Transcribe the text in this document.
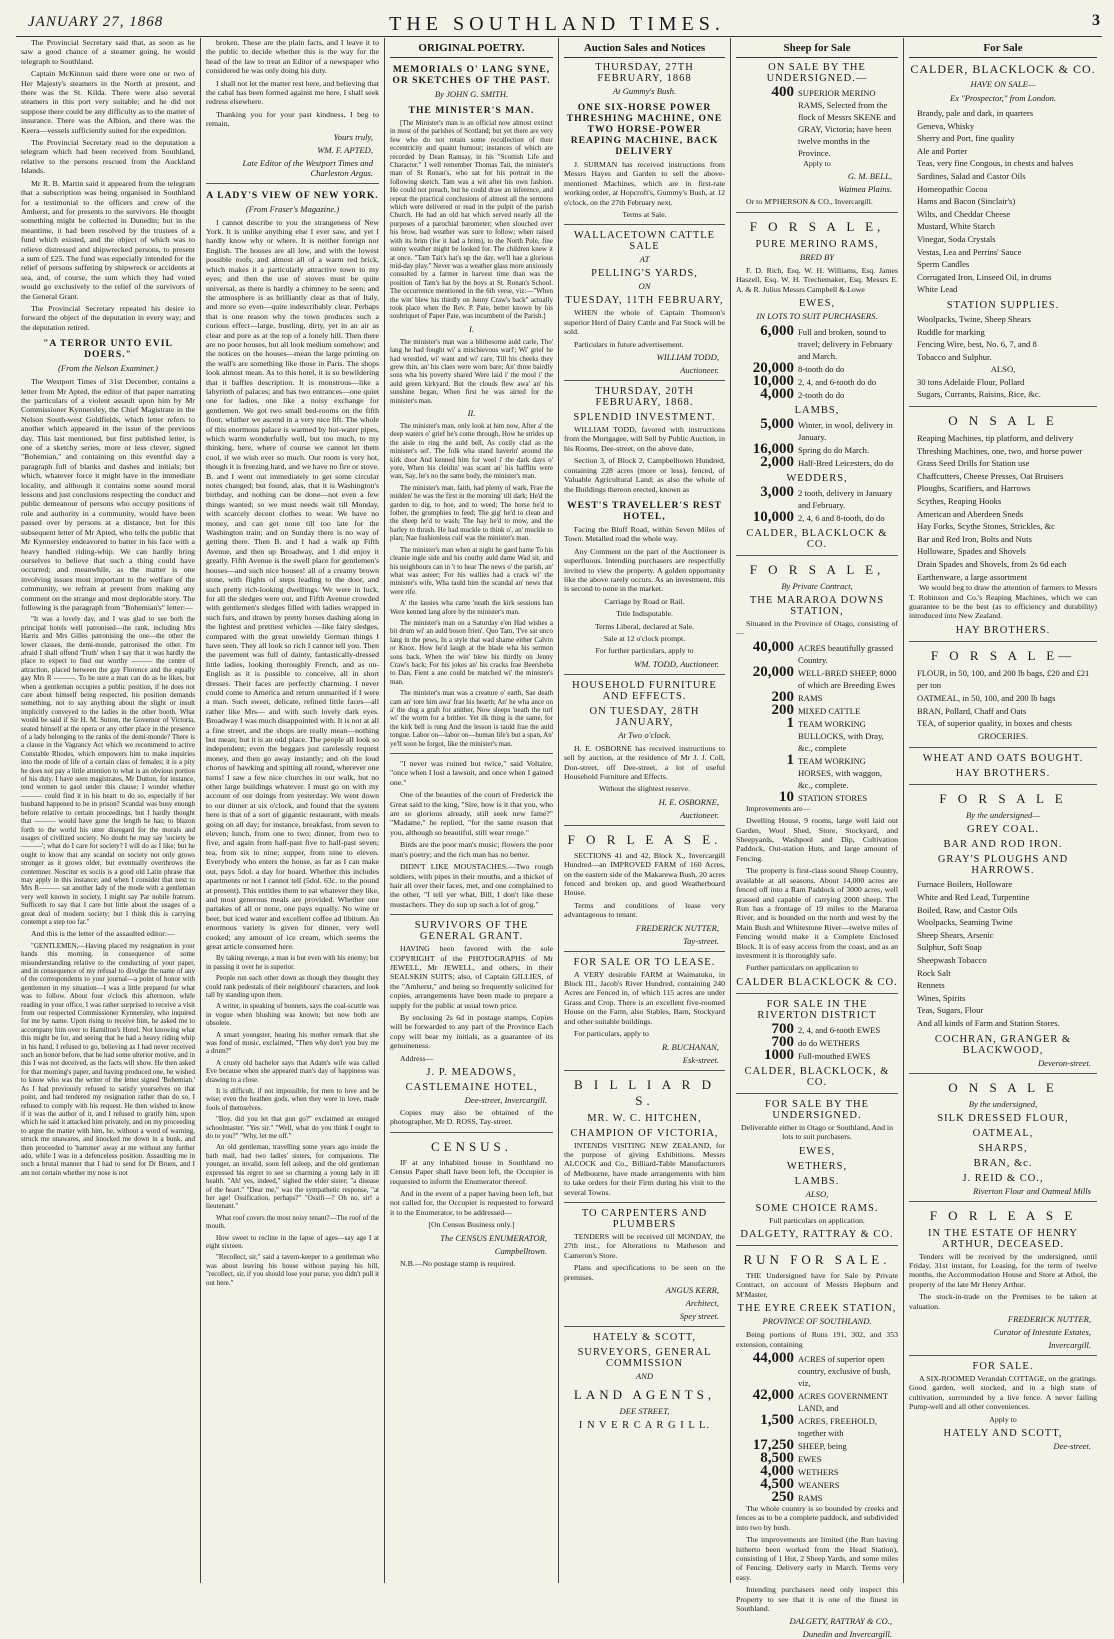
JANUARY 27, 1868	THE SOUTHLAND TIMES.	3

The Provincial Secretary said that, as soon as he saw a good chance of a steamer going, he would telegraph to Southland.

Captain McKinnon said there were one or two of Her Majesty's steamers in the North at present, and there was the St. Kilda. There were also several steamers in this port very suitable; and he did not suppose there could be any difficulty as to the matter of insurance. There was the Albion, and there was the Keera—vessels sufficiently suited for the expedition.

The Provincial Secretary read to the deputation a telegram which had been received from Southland, relative to the persons rescued from the Auckland Islands.

Mr R. B. Martin said it appeared from the telegram that a subscription was being organised in Southland for a testimonial to the officers and crew of the Amherst, and for presents to the survivors. He thought something might be collected in Dunedin; but in the meantime, it had been resolved by the trustees of a fund which existed, and the object of which was to relieve distressed and shipwrecked persons, to present a sum of £25. The fund was especially intended for the relief of persons suffering by shipwreck or accidents at sea, and, of course, the sum which they had voted would go exclusively to the relief of the survivors of the General Grant.

The Provincial Secretary repeated his desire to forward the object of the deputation in every way; and the deputation retired.

"A TERROR UNTO EVIL DOERS."
(From the Nelson Examiner.)

The Westport Times of 31st December, contains a letter from Mr Apted, the editor of that paper narrating the particulars of a violent assault upon him by Mr Commissioner Kynnersley, the Chief Magistrate in the Nelson South-west Goldfields, which letter refers to another which appeared in the issue of the previous day. This last mentioned, but first published letter, is one of a sketchy series, more or less clever, signed "Bohemian," and containing on this eventful day a paragraph full of blanks and dashes and initials; but which, whatever force it might have in the immediate locality, and although it contains some sound moral lessons and just conclusions respecting the conduct and public demeanour of persons who occupy positions of rule and authority in a community, would have been passed over by persons at a distance, but for this subsequent letter of Mr Apted, who tells the public that Mr Kynnersley endeavored to batter in his face with a heavy handled riding-whip. We can hardly bring ourselves to believe that such a thing could have occurred; and meanwhile, as the matter is one involving issues most important to the welfare of the community, we refrain at present from making any comment on the strange and most deplorable story. The following is the paragraph from "Bohemian's" letter:—

"It was a lovely day, and I was glad to see both the principal hotels well patronised—the rank, including Mrs Harris and Mrs Gilles patronising the one—the other the lower classes, the demi-monde, patronised the other. I'm afraid I shall offend 'Truth' when I say that it was hardly the place to expect to find our worthy ——— the centre of attraction, placed between the gay Florence and the equally gay Mrs R ———. To be sure a man can do as he likes, but when a gentleman occupies a public position, if he does not care about himself being respected, his position demands something, not to say anything about the slight or insult implicitly conveyed to the ladies in the other booth. What would be said if Sir H. M. Sutton, the Governor of Victoria, seated himself at the opera or any other place in the presence of a lady belonging to the ranks of the demi-monde? There is a clause in the Vagrancy Act which we recommend to active Constable Rhodes, which empowers him to make inquiries into the mode of life of a certain class of females; it is a pity he does not pay a little attention to what is an obvious portion of his duty. I have seen magistrates, Mr Dutton, for instance, tend women to gaol under this clause; I wonder whether ——— could find it in his heart to do so, especially if her husband happened to be in prison? Scandal was busy enough before relative to certain proceedings, but I hardly thought that ——— would have gone the length he has; to blazon forth to the world his utter disregard for the morals and usages of civilized society. No doubt he may say 'society be ———'; what do I care for society? I will do as I like; but he ought to know that any scandal on society not only grows stronger as it grows older, but eventually overthrows the contemner. Noscitur ex sociis is a good old Latin phrase that may apply in this instance; and when I consider that next to Mrs R——— sat another lady of the mode with a gentleman very well known in society, I might say Par nobile fratrum. Sufficeth to say that I care but little about the usages of a great deal of modern society; but I think this is carrying contempt a step too far."

And this is the letter of the assaulted editor:—

"GENTLEMEN,—Having placed my resignation in your hands this morning, in consequence of some misunderstanding relative to the conducting of your paper, and in consequence of my refusal to divulge the name of any of the correspondents to your journal—a point of honor with gentlemen in my situation—I was a little prepared for what was to follow. About four o'clock this afternoon, while reading in your office, I was rather surprised to receive a visit from our respected Commissioner Kynnersley, who inquired for me by name. Upon rising to receive him, he asked me to accompany him over to Hamilton's Hotel. Not knowing what this might be for, and seeing that he had a heavy riding whip in his hand, I refused to go, believing as I had never received such an honor before, that he had some ulterior motive, and in this I was not deceived, as the facts will show. He then asked for that morning's paper, and having produced one, he wished to know who was the writer of the letter signed 'Bohemian.' As I had previously refused to satisfy yourselves on that point, and had tendered my resignation rather than do so, I refused to comply with his request. He then wished to know if it was the author of it, and I refused to gratify him, upon which he said it attacked him privately, and on my proceeding to argue the matter with him, he, without a word of warning, struck me unawares, and knocked me down in a bunk, and then proceeded to 'hammer' away at me without any further ado, while I was in a defenceless position. Assaulting me in such a brutal manner that I had to send for Dr Bruen, and I am not certain whether my nose is not

broken. These are the plain facts, and I leave it to the public to decide whether this is the way for the head of the law to treat an Editor of a newspaper who considered he was only doing his duty.

I shall not let the matter rest here, and believing that the cabal has been formed against me here, I shall seek redress elsewhere.

Thanking you for your past kindness, I beg to remain,

Yours truly,
WM. F. APTED,
Late Editor of the Westport Times and Charleston Argus.
A LADY'S VIEW OF NEW YORK.
(From Fraser's Magazine.)

I cannot describe to you the strangeness of New York. It is unlike anything else I ever saw, and yet I hardly know why or where. It is neither foreign nor English. The houses are all low, and with the lowest possible roofs, and almost all of a warm red brick, which makes it a particularly attractive town to my eyes; and then the use of stoves must be quite universal, as there is hardly a chimney to be seen; and the atmosphere is as brilliantly clear as that of Italy, and more so even—quite indescribably clear. Perhaps that is one reason why the town produces such a curious effect—large, bustling, dirty, yet in an air as clear and pure as at the top of a lonely hill. Then there are no poor houses, but all look medium somehow; and the notices on the houses—mean the large printing on the wall's are something like those in Paris. The shops look almost mean. As to this hotel, it is so bewildering that it baffles description. It is monstrous—like a labyrinth of palaces; and has two entrances—one quiet one for ladies, one like a noisy exchange for gentlemen. We got two small bed-rooms on the fifth floor, whither we ascend in a very nice lift. The whole of this enormous palace is warmed by hot-water pipes, which warm wonderfully well, but too much, to my thinking, here, where of course we cannot let them cool, if we wish ever so much. Our room is very hot, though it is freezing hard, and we have no fire or stove. B. and I went out immediately to get some circular notes changed; but found, alas, that it is Washington's birthday, and nothing can be done—not even a few things wanted; so we must needs wait till Monday, with scarcely decent clothes to wear. We have no money, and can get none till too late for the Washington train; and on Sunday there is no way of getting there. Then B. and I had a walk up Fifth Avenue, and then up Broadway, and I did enjoy it greatly. Fifth Avenue is the swell place for gentlemen's houses—and such nice houses! all of a creamy brown stone, with flights of steps leading to the door, and such pretty rich-looking dwellings. We were in luck, for all the sledges were out, and Fifth Avenue crowded with gentlemen's sledges filled with ladies wrapped in such furs, and drawn by pretty horses dashing along in the lightest and prettiest vehicles —like fairy sledges, compared with the great unwieldy German things I have seen. They all look so rich I cannot tell you. Then the pavement was full of dainty, fantastically-dressed little ladies, looking thoroughly French, and as un-English as it is possible to conceive, all in short dresses. Their faces are perfectly charming. I never could come to America and return unmarried if I were a man. Such sweet, delicate, refined little faces—all rather like Mrs— and with such lovely dark eyes. Broadway I was much disappointed with. It is not at all a fine street, and the shops are really mean—nothing but mean; but it is an odd place. The people all look so independent; even the beggars just carelessly request money, and then go away instantly; and oh the loud chorus of hawking and spitting all round, wherever one turns! I saw a few nice churches in our walk, but no other large buildings whatever. I must go on with my account of our doings from yesterday. We went down to our dinner at six o'clock, and found that the system here is that of a sort of gigantic restaurant, with meals going on all day; for instance, breakfast, from seven to eleven; lunch, from one to two; dinner, from two to five, and again from half-past five to half-past seven; tea, from six to nine; supper, from nine to eleven. Everybody who enters the house, as far as I can make out, pays 5dol. a day for board. Whether this includes apartments or not I cannot tell (5dol. 63c. to the pound at present). This entitles them to eat whatever they like, and most generous meals are provided. Whether one partakes of all or none, one pays equally. No wine or beer, but iced water and excellent coffee ad libitum. An enormous variety is given for dinner, very well cooked; any amount of ice cream, which seems the great article consumed here.

By taking revenge, a man is but even with his enemy; but in passing it over he is superior.

People run each other down as though they thought they could rank pedestals of their neighbours' characters, and look tall by standing upon them.

A writer, in speaking of bonnets, says the coal-scuttle was in vogue when blushing was known; but now both are obsolete.

A smart youngster, hearing his mother remark that she was fond of music, exclaimed, "Then why don't you buy me a drum?"

A crusty old bachelor says that Adam's wife was called Eve because when she appeared man's day of happiness was drawing to a close.

It is difficult, if not impossible, for men to love and be wise; even the heathen gods, when they were in love, made fools of themselves.

"Boy, did you let that gun go?" exclaimed an enraged schoolmaster. "Yes sir." "Well, what do you think I ought to do to you?" "Why, let me off."

An old gentleman, travelling some years ago inside the bath mail, had two ladies' sisters, for companions. The younger, an invalid, soon fell asleep, and the old gentleman expressed his regret to see so charming a young lady in ill health. "Ah! yes, indeed," sighed the elder sister; "a disease of the heart." "Dear me," was the sympathetic response, "at her age! Ossification, perhaps?" "Ossifi—? Oh no, sir! a lieutenant."

What roof covers the most noisy tenant?—The roof of the mouth.

How sweet to recline in the lapse of ages—say age I at eight sixteen.

"Recollect, sir," said a tavern-keeper to a gentleman who was about leaving his house without paying his bill, "recollect, sir, if you should lose your purse, you didn't pull it out here."

ORIGINAL POETRY.
MEMORIALS O' LANG SYNE, OR SKETCHES OF THE PAST.
By JOHN G. SMITH.
THE MINISTER'S MAN.

[The Minister's man is an official now almost extinct in most of the parishes of Scotland; but yet there are very few who do not retain some recollection of their eccentricity and quaint humour; instances of which are recorded by Dean Ramsay, in his "Scottish Life and Character." I well remember Thomas Tait, the minister's man of St Ronan's, who sat for his portrait in the following sketch. Tam was a wit after his own fashion. He could not preach, but he could draw an inference, and repeat the practical conclusions of almost all the sermons which were delivered or read in the pulpit of the parish Church. He had an old hat which served nearly all the purposes of a parochial barometer; when slouched over his brow, bad weather was sure to follow; when raised with its brim (for it had a brim), to the North Pole, fine sunny weather might be looked for. The children knew it at once. "Tam Tait's hat's up the day, we'll hae a glorious mid-day play." Never was a weather glass more anxiously consulted by a farmer in harvest time than was the position of Tam's hat by the boys at St. Ronan's School. The occurrence mentioned in the 6th verse, viz:—"When the win' blew his thirdly on Jenny Craw's back" actually took place when the Rev. P. Pate, better known by his soubriquet of Paper Pate, was incumbent of the Parish.]

I.

The minister's man was a blithesome auld carle, Tho' lang he had fought wi' a mischievous warl'; Wi' grief he had wrestled, wi' want and wi' care, Till his cheeks they grew thin, an' his claes were worn bare; An' three bairdly sons wha his poverty shared Were laid i' the mool i' the auld green kirkyard. But the clouds flew awa' an' his sunshine began, When first he was airted for the minister's man.

II.

The minister's man, only look at him now, After a' the deep waters o' grief he's come through, How he strides up the aisle to ring the auld bell, As cozily clad as the minister's sel'. The folk wha stand haverin' around the kirk door And kenned him for weel i' the dark days o' yore, When his cleidin' was scant an' his hafflits were wan, Say, he's no the same body, the minister's man.

The minister's man, faith, had plenty of wark, Frae the midden' he was the first in the morning' till dark; He'd the garden to dig, to hoe, and to weed; The horse he'd to fother, the grumphies to feed; The gig' he'd to clean and the sheep he'd to wash; The hay he'd to mow, and the barley to thrash. He had muckle to think o', an' muckle to plan; Nae fushionless cuif was the minister's man.

The minister's man when at night he gaed hame To his cleanie ingle side and his couthy auld dame Wad sit, and his neighbours can in 't to hear The news o' the parish, an' what was asteer; For his wallies had a crack wi' the minister's wife, Wha tauld him the scandal an' news that were rife.

A' the lassies wha came 'neath the kirk sessions ban Were kenned lang afore by the minister's man.

The minister's man on a Saturday e'en Had wishes a bit drum wi' an auld boson frien'. Quo Tam, 'I've sat unco lang in the pews, In a style that wad shame either Calvin or Knox. How he'd laugh at the blade wha his sermon sons back, When the win' blew his thirdly on Jenny Craw's back; For his jokes an' his cracks frae Beersheba to Dan, Fient a ane could be matched wi' the minister's man.

The minister's man was a creature o' earth, Sae death cam an' tore him awa' frae his hearth; An' he wha ance on a' the dug a graft for anither, Now sleeps 'neath the turf wi' the worm for a brither. Yet ilk thing is the same, for the kirk bell is rung And the lesson is tauld frae the auld tongue. Labor on—labor on—human life's but a span, An' ye'll soon be forgot, like the minister's man.

"I never was ruined but twice," said Voltaire, "once when I lost a lawsuit, and once when I gained one."

One of the beauties of the court of Frederick the Great said to the king, "Sire, how is it that you, who are so glorious already, still seek new fame?" "Madame," he replied, "for the same reason that you, although so beautiful, still wear rouge."

Birds are the poor man's music; flowers the poor man's poetry; and the rich man has no better.

DIDN'T LIKE MOUSTACHES.—Two rough soldiers, with pipes in their mouths, and a thicket of hair all over their faces, met, and one complained to the other, "I tell yer what, Bill, I don't like these mustachers. They do sup up such a lot of grog."

SURVIVORS OF THE GENERAL GRANT.

HAVING been favored with the sole COPYRIGHT of the PHOTOGRAPHS of Mr JEWELL, Mr JEWELL, and others, in their SEALSKIN SUITS; also, of Captain GILLIES, of the "Amherst," and being so frequently solicited for copies, arrangements have been made to prepare a supply for the public at usual town price.

By enclosing 2s 6d in postage stamps, Copies will be forwarded to any part of the Province Each copy will bear my initials, as a guarantee of its genuineness.

Address—

J. P. MEADOWS,
CASTLEMAINE HOTEL,
Dee-street, Invercargill.

Copies may also be obtained of the photographer, Mr D. ROSS, Tay-street.

CENSUS.

IF at any inhabited house in Southland no Census Paper shall have been left, the Occupier is requested to inform the Enumerator thereof.

And in the event of a paper having been left, but not called for, the Occupier is requested to forward it to the Enumerator, to be addressed—

[On Census Business only.]

The CENSUS ENUMERATOR,
Campbelltown.

N.B.—No postage stamp is required.

Auction Sales and Notices
THURSDAY, 27TH FEBRUARY, 1868
At Gummy's Bush.
ONE SIX-HORSE POWER THRESHING MACHINE, ONE TWO HORSE-POWER REAPING MACHINE, BACK DELIVERY

J. SURMAN has received instructions from Messrs Hayes and Garden to sell the above-mentioned Machines, which are in first-rate working order, at Hopcroft's, Gummy's Bush, at 12 o'clock, on the 27th February next.

Terms at Sale.

WALLACETOWN CATTLE SALE
AT
PELLING'S YARDS,
ON
TUESDAY, 11TH FEBRUARY,

WHEN the whole of Captain Thomson's superior Herd of Dairy Cattle and Fat Stock will be sold.

Particulars in future advertisement.

WILLIAM TODD,
Auctioneer.
THURSDAY, 20TH FEBRUARY, 1868.
SPLENDID INVESTMENT.

WILLIAM TODD, favored with instructions from the Mortgagee, will Sell by Public Auction, in his Rooms, Dee-street, on the above date,

Section 3, of Block 2, Campbelltown Hundred, containing 228 acres (more or less), fenced, of Valuable Agricultural Land; as also the whole of the Buildings thereon erected, known as

WEST'S TRAVELLER'S REST HOTEL,

Facing the Bluff Road, within Seven Miles of Town. Metalled road the whole way.

Any Comment on the part of the Auctioneer is superfluous. Intending purchasers are respectfully invited to view the property. A golden opportunity like the above rarely occurs. As an investment, this is second to none in the market.

Carriage by Road or Rail.

Title Indisputable.

Terms Liberal, declared at Sale.

Sale at 12 o'clock prompt.

For further particulars, apply to

WM. TODD, Auctioneer.
HOUSEHOLD FURNITURE AND EFFECTS.
ON TUESDAY, 28TH JANUARY,
At Two o'clock.

H. E. OSBORNE has received instructions to sell by auction, at the residence of Mr J. J. Coll, Don-street, off Dee-street, a lot of useful Household Furniture and Effects.

Without the slightest reserve.

H. E. OSBORNE,
Auctioneer.
F O R L E A S E.

SECTIONS 41 and 42, Block X., Invercargill Hundred—an IMPROVED FARM of 160 Acres, on the eastern side of the Makarewa Bush, 20 acres fenced and broken up, and good Weatherboard House.

Terms and conditions of lease very advantageous to tenant.

FREDERICK NUTTER,
Tay-street.
FOR SALE OR TO LEASE.

A VERY desirable FARM at Waimatuku, in Block III., Jacob's River Hundred, containing 240 Acres are Fenced in, of which 115 acres are under Grass and Crop. There is an excellent five-roomed House on the Farm, also Stables, Barn, Stockyard and other suitable buildings.

For particulars, apply to

R. BUCHANAN,
Esk-street.
B I L L I A R D S.
MR. W. C. HITCHEN,
CHAMPION OF VICTORIA,

INTENDS VISITING NEW ZEALAND, for the purpose of giving Exhibitions. Messrs ALCOCK and Co., Billiard-Table Manufacturers of Melbourne, have made arrangements with him to take orders for their Firm during his visit to the several Towns.

TO CARPENTERS AND PLUMBERS

TENDERS will be received till MONDAY, the 27th inst., for Alterations to Matheson and Cameron's Store.

Plans and specifications to be seen on the premises.

ANGUS KERR,
Architect,
Spey street.
HATELY & SCOTT,
SURVEYORS, GENERAL COMMISSION
AND
LAND AGENTS,
DEE STREET,
I N V E R C A R G I L L.
Sheep for Sale
ON SALE BY THE UNDERSIGNED.—
400 SUPERIOR MERINO RAMS, Selected from the flock of Messrs SKENE and GRAY, Victoria; have been twelve months in the Province.

Apply to

G. M. BELL,
Waimea Plains.

Or to M'PHERSON & CO., Invercargill.

F O R S A L E,
PURE MERINO RAMS,
BRED BY

F. D. Rich, Esq. W. H. Williams, Esq. James Haszell, Esq. W. H. Trechemaker, Esq. Messrs E. A. & R. Julius Messrs Campbell & Lowe

EWES,
IN LOTS TO SUIT PURCHASERS.
6,000 Full and broken, sound to travel; delivery in February and March.
20,000 8-tooth do do
10,000 2, 4, and 6-tooth do do
4,000 2-tooth do do
LAMBS,
5,000 Winter, in wool, delivery in January.
16,000 Spring do do March.
2,000 Half-Bred Leicesters, do do
WEDDERS,
3,000 2 tooth, delivery in January and February.
10,000 2, 4, 6 and 8-tooth, do do
CALDER, BLACKLOCK & CO.
F O R S A L E,
By Private Contract,
THE MARAROA DOWNS STATION,

Situated in the Province of Otago, consisting of—

40,000 ACRES beautifully grassed Country.
20,000 WELL-BRED SHEEP, 8000 of which are Breeding Ewes
200 RAMS
200 MIXED CATTLE
1 TEAM WORKING BULLOCKS, with Dray, &c., complete
1 TEAM WORKING HORSES, with waggon, &c., complete.
10 STATION STORES

Improvements are—

Dwelling House, 9 rooms, large well laid out Garden, Wool Shed, Store, Stockyard, and Sheepyards, Washpool and Dip, Cultivation Paddock, Out-station Huts, and large amount of Fencing.

The property is first-class sound Sheep Country, available at all seasons. About 14,000 acres are fenced off into a Ram Paddock of 3000 acres, well grassed and capable of carrying 2000 sheep. The Run has a frontage of 19 miles to the Mararoa River, and is bounded on the north and west by the Main Bush and Whitestone River—twelve miles of Fencing would make it a Complete Enclosed Block. It is of easy access from the coast, and as an investment it is thoroughly safe.

Further particulars on application to

CALDER BLACKLOCK & CO.
FOR SALE IN THE RIVERTON DISTRICT
700 2, 4, and 6-tooth EWES
700 do do WETHERS
1000 Full-mouthed EWES
CALDER, BLACKLOCK, & CO.
FOR SALE BY THE UNDERSIGNED.

Deliverable either in Otago or Southland, And in lots to suit purchasers.

EWES,
WETHERS,
LAMBS.
ALSO,
SOME CHOICE RAMS.

Full particulars on application.

DALGETY, RATTRAY & CO.
RUN FOR SALE.

THE Undersigned have for Sale by Private Contract, on account of Messrs Hepburn and M'Master,

THE EYRE CREEK STATION,
PROVINCE OF SOUTHLAND.

Being portions of Runs 191, 302, and 353 extension, containing

44,000 ACRES of superior open country, exclusive of bush, viz,
42,000 ACRES GOVERNMENT LAND, and
1,500 ACRES, FREEHOLD, together with
17,250 SHEEP, being
8,500 EWES
4,000 WETHERS
4,500 WEANERS
250 RAMS

The whole country is so bounded by creeks and fences as to be a complete paddock, and subdivided into two by bush.

The improvements are limited (the Run having hitherto been worked from the Head Station), consisting of 1 Hut, 2 Sheep Yards, and some miles of Fencing. Delivery early in March. Terms very easy.

Intending purchasers need only inspect this Property to see that it is one of the finest in Southland.

DALGETY, RATTRAY & CO.,
Dunedin and Invercargill.
For Sale
CALDER, BLACKLOCK & CO.
HAVE ON SALE—
Ex "Prospector," from London.
Brandy, pale and dark, in quarters
Geneva, Whisky
Sherry and Port, fine quality
Ale and Porter
Teas, very fine Congous, in chests and halves
Sardines, Salad and Castor Oils
Homeopathic Cocoa
Hams and Bacon (Sinclair's)
Wilts, and Cheddar Cheese
Mustard, White Starch
Vinegar, Soda Crystals
Vestas, Lea and Perrins' Sauce
Sperm Candles
Corrugated Iron, Linseed Oil, in drums
White Lead
STATION SUPPLIES.
Woolpacks, Twine, Sheep Shears
Ruddle for marking
Fencing Wire, best, No. 6, 7, and 8
Tobacco and Sulphur.
ALSO,
30 tons Adelaide Flour, Pollard
Sugars, Currants, Raisins, Rice, &c.
O N S A L E
Reaping Machines, tip platform, and delivery
Threshing Machines, one, two, and horse power
Grass Seed Drills for Station use
Chaffcutters, Cheese Presses, Oat Bruisers
Ploughs, Scarifiers, and Harrows
Scythes, Reaping Hooks
American and Aberdeen Sneds
Hay Forks, Scythe Stones, Strickles, &c
Bar and Red Iron, Bolts and Nuts
Holloware, Spades and Shovels
Drain Spades and Shovels, from 2s 6d each
Earthenware, a large assortment

We would beg to draw the attention of farmers to Messrs T. Robinson and Co.'s Reaping Machines, which we can guarantee to be the best (as to efficiency and durability) introduced into New Zealand.

HAY BROTHERS.
F O R S A L E—
FLOUR, in 50, 100, and 200 lb bags, £20 and £21 per ton
OATMEAL, in 50, 100, and 200 lb bags
BRAN, Pollard, Chaff and Oats
TEA, of superior quality, in boxes and chests
GROCERIES.
WHEAT AND OATS BOUGHT.
HAY BROTHERS.
F O R S A L E
By the undersigned—
GREY COAL.
BAR AND ROD IRON.
GRAY'S PLOUGHS AND HARROWS.
Furnace Boilers, Holloware
White and Red Lead, Turpentine
Boiled, Raw, and Castor Oils
Woolpacks, Seaming Twine
Sheep Shears, Arsenic
Sulphur, Soft Soap
Sheepwash Tobacco
Rock Salt
Rennets
Wines, Spirits
Teas, Sugars, Flour
And all kinds of Farm and Station Stores.
COCHRAN, GRANGER & BLACKWOOD,
Deveron-street.
O N S A L E
By the undersigned,
SILK DRESSED FLOUR,
OATMEAL,
SHARPS,
BRAN, &c.
J. REID & CO.,
Riverton Flour and Oatmeal Mills
F O R L E A S E
IN THE ESTATE OF HENRY ARTHUR, DECEASED.

Tenders will be received by the undersigned, until Friday, 31st instant, for Leasing, for the term of twelve months, the Accommodation House and Store at Athol, the property of the late Mr Henry Arthur.

The stock-in-trade on the Premises to be taken at valuation.

FREDERICK NUTTER,
Curator of Intestate Estates,
Invercargill.
FOR SALE.

A SIX-ROOMED Verandah COTTAGE, on the gratings. Good garden, well stocked, and in a high state of cultivation, surrounded by a live fence. A never failing Pump-well and all other conveniences.

Apply to

HATELY AND SCOTT,
Dee-street.
